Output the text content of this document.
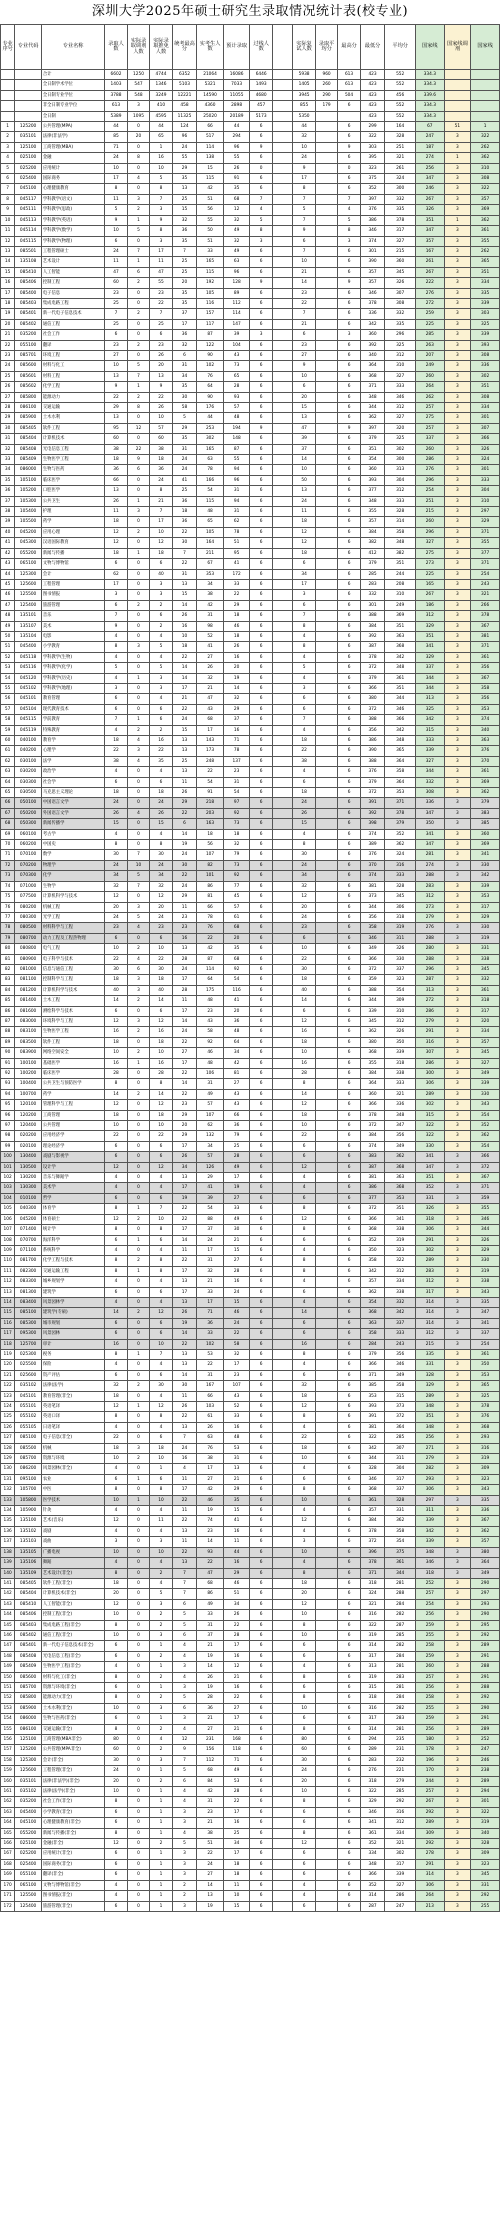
深圳大学2025年硕士研究生录取情况统计表(校专业)
专业序号	专业代码	专业名称	录取人数	实际录取调剂人数	实际录取推免人数	统考最高分	实考生人数	预计录取	过线人数		实际复试人数	录取平均分	最高分	最低分	平均分	国家线	国家线调剂	国家线
		合计	6602	1250	4744	6352	21064	16086	6446		5938	960	613	423	552	334.3		
		全日制学术学位	1403	547	1346	5103	5321	7033	1493		1405	260	613	423	552	334.3		
		全日制专业学位	3788	548	3249	12221	14590	11055	4680		3945	290	504	423	456	339.6		
		非全日制专业学位	613	3	410	458	4360	2898	457		855	179	6	423	552	334.3		
		全日制	5389	1095	4595	11325	25020	20189	5173		5350			423	552	334.3		
1	125200	公共管理(MPA)	44	0	44	124	66	44	6		44		6	299	164	67	51	1
2	035101	法律(非法学)	85	20	65	96	517	294	6		32		6	322	328	247	3	322
3	125100	工商管理(MBA)	71	0	1	24	114	96	9		10		9	303	251	187	3	262
4	025100	金融	24	8	16	55	138	55	6		24		6	395	321	274	1	362
5	025200	应用统计	10	0	10	29	15	26	0		9		0	323	261	256	3	310
6	025400	国际商务	17	4	5	35	115	91	6		17		6	375	324	347	3	308
7	045100	心理健康教育	8	0	8	13	42	35	6		8		6	352	300	246	3	322
8	045117	学科教学(语文)	11	3	7	25	51	68	7		7		7	397	332	267	3	357
9	045111	学科教学(思政)	5	2	3	15	56	12	4		5		4	376	335	326	3	369
10	045113	学科教学(英语)	9	1	9	32	55	32	5		7		5	386	378	351	1	362
11	045114	学科教学(数学)	10	5	8	36	50	49	8		9		8	346	317	347	3	361
12	045115	学科教学(物理)	6	0	3	35	51	32	3		6		3	374	327	357	3	355
13	085501	工程管理硕士	24	7	17	7	33	49	6		7		6	301	215	167	3	262
14	135108	艺术设计	11	1	11	25	165	63	6		10		6	390	360	261	3	365
15	085410	人工智能	47	6	47	25	115	96	6		21		6	357	345	267	3	351
16	085406	控制工程	60	2	55	20	192	128	9		14		9	357	326	222	3	334
17	085400	电子信息	23	0	23	35	105	89	6		23		6	346	307	276	3	335
18	085403	集成电路工程	25	0	22	35	116	112	6		22		6	378	308	272	3	339
19	085401	新一代电子信息技术	7	2	7	37	157	114	6		7		6	336	332	259	3	303
20	085402	通信工程	25	0	25	17	117	147	6		21		6	342	335	225	3	325
21	035200	社会工作	6	0	6	36	87	39	3		6		3	360	296	285	3	339
22	055100	翻译	23	2	23	32	122	104	6		23		6	392	325	263	3	393
23	085701	环境工程	27	0	26	6	90	43	6		27		6	340	312	207	3	308
24	085600	材料与化工	10	5	20	31	102	73	6		9		6	364	310	249	3	336
25	085601	材料工程	13	7	13	34	76	65	6		10		6	368	327	260	3	302
26	085602	化学工程	9	1	9	35	64	28	6		6		6	371	333	264	3	351
27	085800	能源动力	22	2	22	30	90	93	6		20		6	348	346	262	3	308
28	086100	交通运输	29	8	26	58	176	57	6		15		6	344	312	257	3	334
29	085900	土木水利	13	0	10	5	44	48	6		13		6	362	327	275	3	301
30	085405	软件工程	95	12	57	29	253	194	9		47		9	397	320	257	3	307
31	085404	计算机技术	60	0	60	35	302	148	6		39		6	379	325	337	3	366
32	085408	光电信息工程	38	22	38	31	165	87	6		37		6	351	302	260	3	326
33	085409	生物医学工程	18	9	18	24	63	55	6		14		6	354	300	286	3	324
34	086000	生物与医药	36	6	36	24	78	94	6		10		6	360	313	276	3	301
35	105100	临床医学	66	0	24	41	166	96	6		50		6	393	304	296	3	333
36	105200	口腔医学	13	0	8	25	54	31	6		13		6	377	312	254	3	304
37	105300	公共卫生	26	1	21	36	115	94	6		24		6	348	333	251	3	310
38	105400	护理	11	3	7	18	48	31	6		11		6	355	328	215	3	297
39	105500	药学	18	0	17	36	65	62	6		18		6	357	314	260	3	329
40	045200	应用心理	12	2	10	22	105	78	6		12		6	384	358	296	3	371
41	045300	汉语国际教育	12	0	12	30	164	51	6		12		6	382	348	327	3	355
42	055200	新闻与传播	18	1	18	7	211	95	6		18		6	412	382	275	3	377
43	065100	文物与博物馆	6	0	6	22	67	41	6		6		6	379	351	273	3	371
44	125300	会计	62	0	40	31	353	172	6		34		6	285	244	225	3	254
45	125600	工程管理	17	0	3	13	34	33	6		17		6	283	208	165	3	243
46	125500	图书情报	3	0	3	15	38	22	6		3		6	332	310	267	3	321
47	125400	旅游管理	6	2	2	14	42	29	6		6		6	301	249	186	3	266
48	135101	音乐	7	0	6	26	31	18	6		7		6	388	369	312	3	378
49	135107	美术	9	0	2	16	98	46	6		8		6	384	351	329	3	367
50	135104	电影	4	0	4	10	52	18	6		4		6	392	363	351	3	381
51	045400	小学教育	8	3	5	18	41	26	6		8		6	387	368	341	3	371
52	045118	学科教学(生物)	4	0	4	22	27	16	6		4		6	378	342	329	3	361
53	045116	学科教学(化学)	5	0	5	14	26	20	6		5		6	372	348	337	3	356
54	045120	学科教学(历史)	4	1	3	14	32	19	6		4		6	379	361	344	3	367
55	045102	学科教学(地理)	3	0	3	17	21	14	6		3		6	366	351	344	3	358
56	045101	教育管理	6	0	4	21	47	32	6		6		6	380	344	313	3	356
57	045104	现代教育技术	6	0	6	22	43	29	6		6		6	372	346	325	3	353
58	045115	学前教育	7	1	6	24	68	37	6		7		6	388	366	342	3	374
59	045119	特殊教育	4	2	2	15	17	16	6		4		6	356	342	315	3	340
60	040100	教育学	18	4	16	13	143	71	6		18		6	386	348	333	3	363
61	040200	心理学	22	3	22	13	173	78	6		22		6	390	365	339	3	376
62	030100	法学	38	4	35	25	248	137	6		38		6	388	364	327	3	370
63	030200	政治学	4	0	4	13	22	23	6		4		6	376	358	344	3	361
64	030300	社会学	6	0	6	11	54	31	6		6		6	379	364	332	3	369
65	030500	马克思主义理论	18	0	18	26	91	54	6		18		6	372	353	308	3	362
66	050100	中国语言文学	24	0	24	29	218	97	6		24		6	391	371	336	3	379
67	050200	外国语言文学	26	4	26	22	203	92	6		26		6	392	378	347	3	383
68	050300	新闻传播学	15	0	15	6	163	73	6		15		6	398	379	350	3	385
69	060100	考古学	4	0	4	14	18	18	6		4		6	374	352	341	3	360
70	060200	中国史	8	0	8	19	56	32	6		8		6	389	362	347	3	369
71	070100	数学	30	7	30	24	107	79	6		30		6	376	324	281	3	341
72	070200	物理学	24	10	24	30	82	73	6		24		6	370	316	274	3	330
73	070300	化学	34	5	34	22	101	92	6		34		6	374	333	288	3	342
74	071000	生物学	32	7	32	24	86	77	6		32		6	381	328	283	3	339
75	077500	计算机科学与技术	12	0	12	29	81	45	6		12		6	373	345	312	3	353
76	080200	机械工程	20	3	20	11	66	57	6		20		6	344	306	273	3	317
77	080300	光学工程	24	5	24	23	78	61	6		24		6	356	318	279	3	329
78	080500	材料科学与工程	23	4	23	23	76	68	6		23		6	358	319	276	3	330
79	080700	动力工程及工程热物理	6	0	6	16	22	20	6		6		6	346	311	288	3	319
80	080800	电气工程	10	2	10	13	42	35	6		10		6	349	326	280	3	331
81	080900	电子科学与技术	22	4	22	28	87	68	6		22		6	366	330	288	3	338
82	081000	信息与通信工程	30	6	30	24	114	92	6		30		6	372	337	296	3	345
83	081100	控制科学与工程	18	3	18	17	64	54	6		18		6	359	323	287	3	332
84	081200	计算机科学与技术	40	3	40	28	175	116	6		40		6	388	354	313	3	361
85	081400	土木工程	14	2	14	11	48	41	6		14		6	344	309	272	3	318
86	081600	测绘科学与技术	6	0	6	17	23	20	6		6		6	339	310	286	3	317
87	083000	环境科学与工程	12	3	12	14	43	36	6		12		6	345	312	279	3	320
88	083100	生物医学工程	16	2	16	24	58	48	6		16		6	362	326	291	3	334
89	083500	软件工程	18	0	18	22	92	64	6		18		6	380	350	316	3	357
90	083900	网络空间安全	10	2	10	27	46	34	6		10		6	368	339	307	3	345
91	100100	基础医学	16	1	16	17	48	42	6		16		6	355	318	286	3	327
92	100200	临床医学	28	0	28	22	106	81	6		28		6	384	338	300	3	349
93	100400	公共卫生与预防医学	8	0	8	14	31	27	6		8		6	364	333	306	3	339
94	100700	药学	14	2	14	22	49	43	6		14		6	360	321	289	3	330
95	120100	管理科学与工程	12	0	12	23	57	43	6		12		6	366	336	302	3	343
96	120200	工商管理	18	0	18	29	107	66	6		18		6	378	348	315	3	354
97	120400	公共管理	10	0	10	20	62	36	6		10		6	372	347	322	3	352
98	020200	应用经济学	22	0	22	29	132	79	6		22		6	384	356	322	3	362
99	020100	理论经济学	6	0	6	17	34	25	6		6		6	374	349	330	3	354
100	130400	戏剧与影视学	6	0	6	26	57	28	6		6		6	383	362	341	3	366
101	130500	设计学	12	0	12	34	126	49	6		12		6	387	368	347	3	372
102	130200	音乐与舞蹈学	4	0	4	13	29	17	6		4		6	381	363	351	3	367
103	130300	美术学	4	0	4	17	41	19	6		4		6	386	368	352	3	371
104	010100	哲学	6	0	6	19	39	27	6		6		6	377	353	331	3	359
105	040300	体育学	8	1	7	22	54	33	6		8		6	372	351	326	3	355
106	045200	体育硕士	12	2	10	22	88	49	6		12		6	366	341	318	3	346
107	071400	统计学	8	0	8	17	37	30	6		8		6	368	338	306	3	344
108	070700	海洋科学	6	1	6	14	24	21	6		6		6	352	319	291	3	326
109	071100	系统科学	4	0	4	11	17	15	6		4		6	350	323	302	3	329
110	081700	化学工程与技术	8	2	8	22	31	27	6		8		6	358	322	289	3	330
111	082300	交通运输工程	8	1	8	17	32	28	6		8		6	342	312	283	3	319
112	083300	城乡规划学	4	0	4	13	21	16	6		4		6	357	334	312	3	338
113	081300	建筑学	6	0	6	17	33	24	6		6		6	362	338	317	3	343
114	083400	风景园林学	4	0	4	13	17	15	6		4		6	354	332	314	3	335
115	085100	建筑学(专硕)	14	2	12	26	71	46	6		14		6	368	342	314	3	347
116	085300	城市规划	6	0	6	19	36	24	6		6		6	363	337	314	3	341
117	095300	风景园林	6	0	6	14	33	22	6		6		6	358	333	312	3	337
118	125700	审计	16	0	10	22	102	58	6		16		6	284	243	215	3	254
119	025300	税务	8	1	7	13	53	32	6		8		6	379	356	335	3	361
120	025500	保险	4	0	4	13	22	17	6		4		6	366	346	331	3	350
121	025600	资产评估	6	0	6	14	31	23	6		6		6	371	349	328	3	353
122	035102	法律(法学)	32	2	30	30	167	107	6		32		6	385	358	329	3	365
123	045101	教育管理(非全)	18	0	4	11	66	43	6		18		6	353	315	289	3	325
124	055101	英语笔译	12	1	12	26	103	52	6		12		6	393	373	348	3	378
125	055102	英语口译	8	0	8	22	61	33	6		8		6	391	372	351	3	376
126	055105	日语笔译	4	0	4	13	26	16	6		4		6	381	364	348	3	368
127	085100	电子信息(非全)	22	0	6	7	63	48	6		22		6	322	285	256	3	293
128	085500	机械	18	3	18	24	76	53	6		18		6	342	307	271	3	316
129	085700	资源与环境	10	2	10	16	38	31	6		10		6	344	311	279	3	319
130	086200	风景园林(非全)	4	0	1	4	17	13	6		4		6	328	304	282	3	309
131	095100	农业	6	1	6	11	27	21	6		6		6	346	317	293	3	323
132	105700	中医	8	0	8	17	42	29	6		8		6	368	337	306	3	343
133	105800	医学技术	10	1	10	22	46	35	6		10		6	361	328	297	3	335
134	105900	针灸	4	0	4	11	19	15	6		4		6	357	331	311	3	336
135	135100	艺术(音乐)	12	0	11	22	74	41	6		12		6	384	362	339	3	367
136	135102	戏剧	4	0	4	13	23	16	6		4		6	378	358	342	3	362
137	135103	戏曲	3	0	3	11	14	11	6		3		6	372	354	339	3	357
138	135105	广播电视	10	0	10	22	93	44	6		10		6	396	375	348	3	380
139	135106	舞蹈	4	0	4	13	22	16	6		4		6	378	361	346	3	364
140	135109	艺术设计(非全)	8	0	2	7	47	29	6		8		6	371	344	318	3	349
141	085405	软件工程(非全)	18	0	4	7	68	46	6		18		6	318	281	252	3	290
142	085404	计算机技术(非全)	20	0	5	7	86	51	6		20		6	324	288	257	3	297
143	085410	人工智能(非全)	12	0	3	6	49	34	6		12		6	321	284	254	3	293
144	085406	控制工程(非全)	10	0	2	5	33	26	6		10		6	316	282	256	3	290
145	085403	集成电路工程(非全)	8	0	2	5	31	22	6		8		6	322	287	259	3	295
146	085402	通信工程(非全)	10	0	3	6	37	28	6		10		6	319	285	255	3	292
147	085401	新一代电子信息技术(非全)	6	0	1	4	21	17	6		6		6	314	282	258	3	289
148	085408	光电信息工程(非全)	6	0	2	4	19	16	6		6		6	317	284	259	3	291
149	085409	生物医学工程(非全)	4	0	1	3	14	12	6		4		6	313	281	260	3	288
150	085600	材料与化工(非全)	8	0	2	4	26	21	6		8		6	319	283	257	3	291
151	085700	资源与环境(非全)	6	0	1	3	19	16	6		6		6	315	281	256	3	288
152	085800	能源动力(非全)	8	0	2	5	28	22	6		8		6	318	284	258	3	292
153	085900	土木水利(非全)	10	0	3	6	36	27	6		10		6	316	282	255	3	290
154	086000	生物与医药(非全)	6	0	1	3	21	17	6		6		6	317	283	259	3	291
155	086100	交通运输(非全)	8	0	2	4	27	21	6		8		6	314	281	256	3	289
156	125100	工商管理(MBA非全)	80	0	4	12	231	168	6		80		6	294	235	180	3	252
157	125200	公共管理(MPA非全)	60	0	2	9	156	118	6		60		6	289	231	178	3	247
158	125300	会计(非全)	30	0	3	7	112	71	6		30		6	283	232	196	3	246
159	125600	工程管理(非全)	24	0	1	5	68	49	6		24		6	276	221	170	3	238
160	035101	法律(非法学)(非全)	20	0	2	6	84	53	6		20		6	318	279	244	3	289
161	035102	法律(法学)(非全)	10	0	1	4	42	28	6		10		6	322	285	257	3	294
162	035200	社会工作(非全)	8	0	1	4	31	22	6		8		6	329	292	267	3	301
163	045400	小学教育(非全)	6	0	1	3	23	17	6		6		6	346	316	292	3	322
164	045100	心理健康教育(非全)	6	0	1	3	21	16	6		6		6	341	312	289	3	319
165	055200	新闻与传播(非全)	8	0	1	4	38	25	6		8		6	361	334	309	3	340
166	025100	金融(非全)	12	0	2	5	51	34	6		12		6	352	321	292	3	328
167	025200	应用统计(非全)	6	0	1	3	22	17	6		6		6	334	302	278	3	309
168	025400	国际商务(非全)	6	0	1	3	24	18	6		6		6	348	317	291	3	323
169	055100	翻译(非全)	6	0	1	3	27	18	6		6		6	366	339	314	3	345
170	065100	文物与博物馆(非全)	4	0	1	2	14	11	6		4		6	352	327	306	3	331
171	125500	图书情报(非全)	4	0	1	2	13	10	6		4		6	314	286	264	3	292
172	125400	旅游管理(非全)	6	0	1	3	19	15	6		6		6	287	247	213	3	255
